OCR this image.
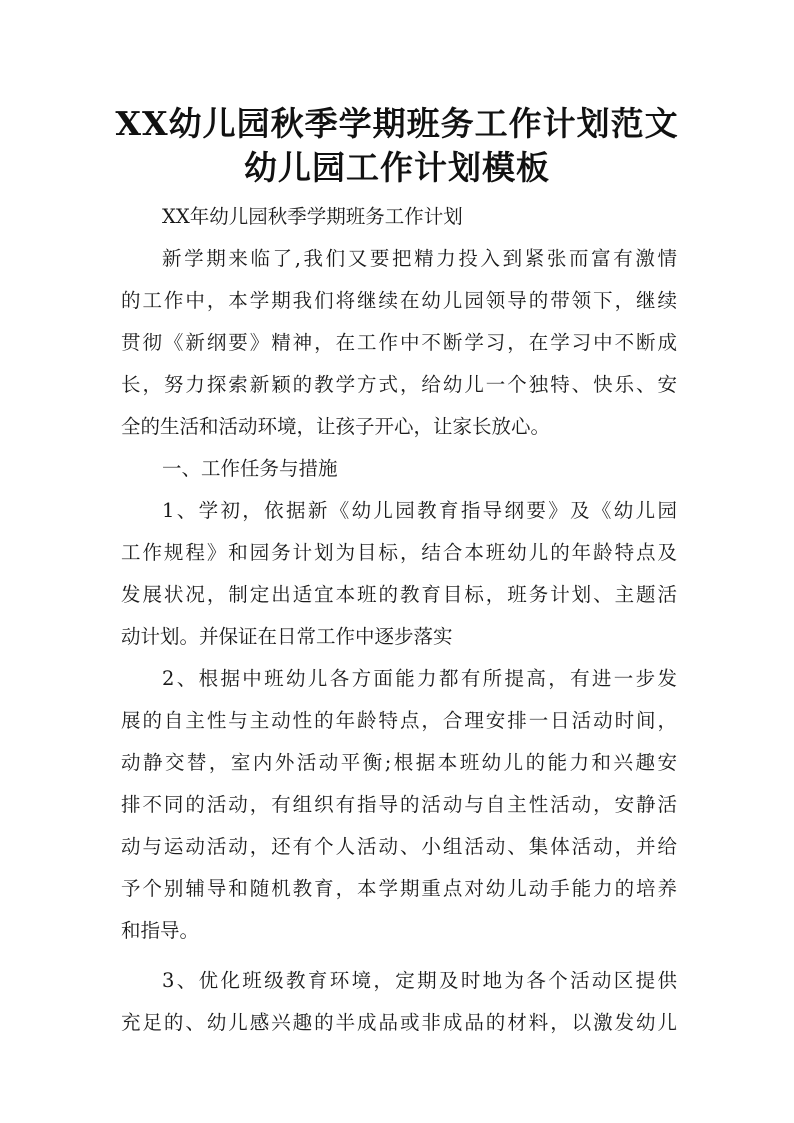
XX幼儿园秋季学期班务工作计划范文
幼儿园工作计划模板
XX年幼儿园秋季学期班务工作计划
新学期来临了,我们又要把精力投入到紧张而富有激情
的工作中，本学期我们将继续在幼儿园领导的带领下，继续
贯彻《新纲要》精神，在工作中不断学习，在学习中不断成
长，努力探索新颖的教学方式，给幼儿一个独特、快乐、安
全的生活和活动环境，让孩子开心，让家长放心。
一、工作任务与措施
1、学初，依据新《幼儿园教育指导纲要》及《幼儿园
工作规程》和园务计划为目标，结合本班幼儿的年龄特点及
发展状况，制定出适宜本班的教育目标，班务计划、主题活
动计划。并保证在日常工作中逐步落实
2、根据中班幼儿各方面能力都有所提高，有进一步发
展的自主性与主动性的年龄特点，合理安排一日活动时间，
动静交替，室内外活动平衡;根据本班幼儿的能力和兴趣安
排不同的活动，有组织有指导的活动与自主性活动，安静活
动与运动活动，还有个人活动、小组活动、集体活动，并给
予个别辅导和随机教育，本学期重点对幼儿动手能力的培养
和指导。
3、优化班级教育环境，定期及时地为各个活动区提供
充足的、幼儿感兴趣的半成品或非成品的材料，以激发幼儿
